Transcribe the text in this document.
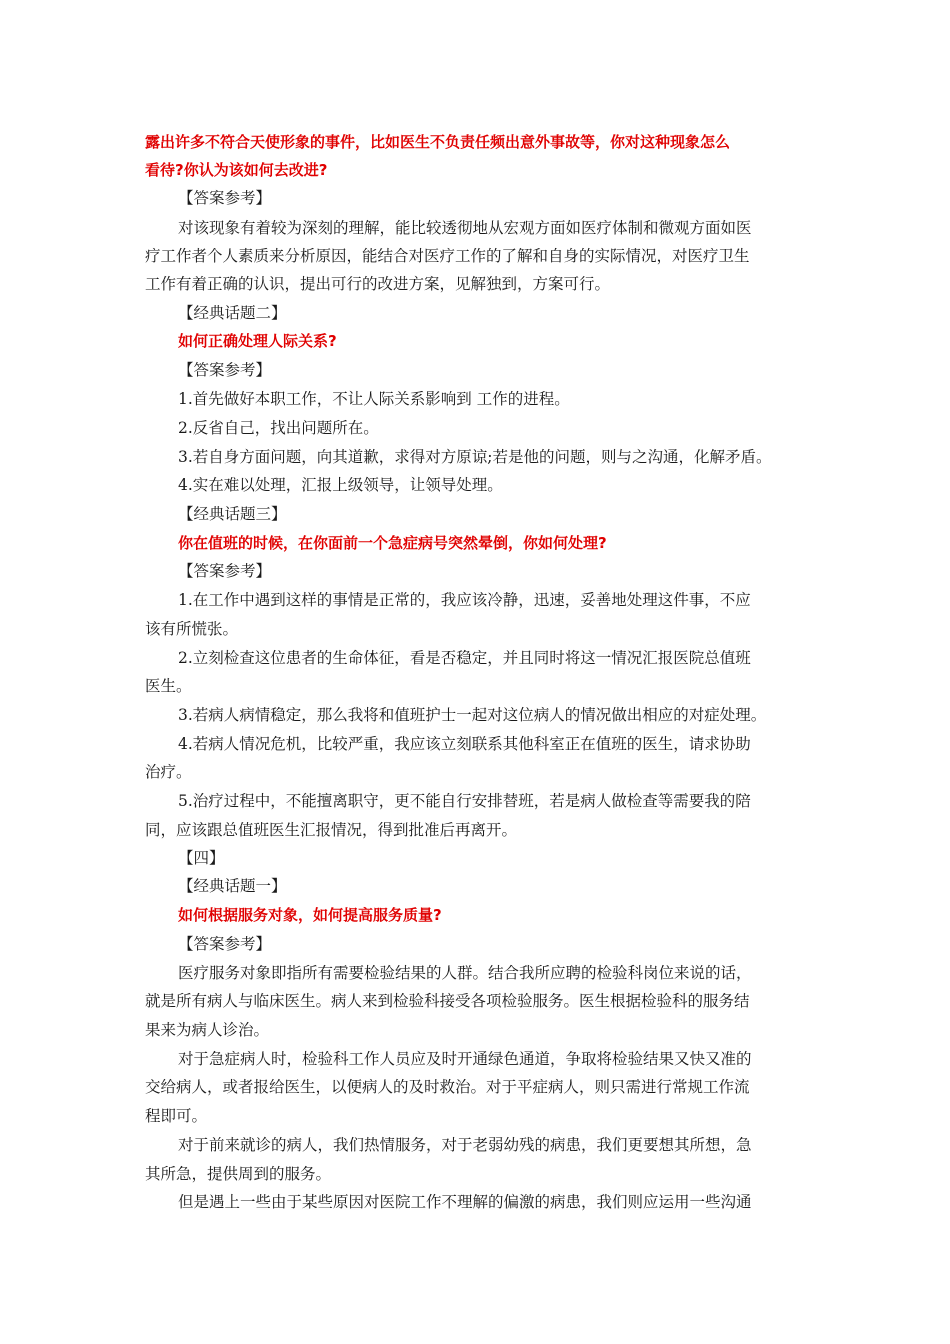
露出许多不符合天使形象的事件，比如医生不负责任频出意外事故等，你对这种现象怎么
看待?你认为该如何去改进?
【答案参考】
对该现象有着较为深刻的理解，能比较透彻地从宏观方面如医疗体制和微观方面如医
疗工作者个人素质来分析原因，能结合对医疗工作的了解和自身的实际情况，对医疗卫生
工作有着正确的认识，提出可行的改进方案，见解独到，方案可行。
【经典话题二】
如何正确处理人际关系?
【答案参考】
1.首先做好本职工作，不让人际关系影响到 工作的进程。
2.反省自己，找出问题所在。
3.若自身方面问题，向其道歉，求得对方原谅;若是他的问题，则与之沟通，化解矛盾。
4.实在难以处理，汇报上级领导，让领导处理。
【经典话题三】
你在值班的时候，在你面前一个急症病号突然晕倒，你如何处理?
【答案参考】
1.在工作中遇到这样的事情是正常的，我应该冷静，迅速，妥善地处理这件事，不应
该有所慌张。
2.立刻检查这位患者的生命体征，看是否稳定，并且同时将这一情况汇报医院总值班
医生。
3.若病人病情稳定，那么我将和值班护士一起对这位病人的情况做出相应的对症处理。
4.若病人情况危机，比较严重，我应该立刻联系其他科室正在值班的医生，请求协助
治疗。
5.治疗过程中，不能擅离职守，更不能自行安排替班，若是病人做检查等需要我的陪
同，应该跟总值班医生汇报情况，得到批准后再离开。
【四】
【经典话题一】
如何根据服务对象，如何提高服务质量?
【答案参考】
医疗服务对象即指所有需要检验结果的人群。结合我所应聘的检验科岗位来说的话，
就是所有病人与临床医生。病人来到检验科接受各项检验服务。医生根据检验科的服务结
果来为病人诊治。
对于急症病人时，检验科工作人员应及时开通绿色通道，争取将检验结果又快又准的
交给病人，或者报给医生，以便病人的及时救治。对于平症病人，则只需进行常规工作流
程即可。
对于前来就诊的病人，我们热情服务，对于老弱幼残的病患，我们更要想其所想，急
其所急，提供周到的服务。
但是遇上一些由于某些原因对医院工作不理解的偏激的病患，我们则应运用一些沟通
